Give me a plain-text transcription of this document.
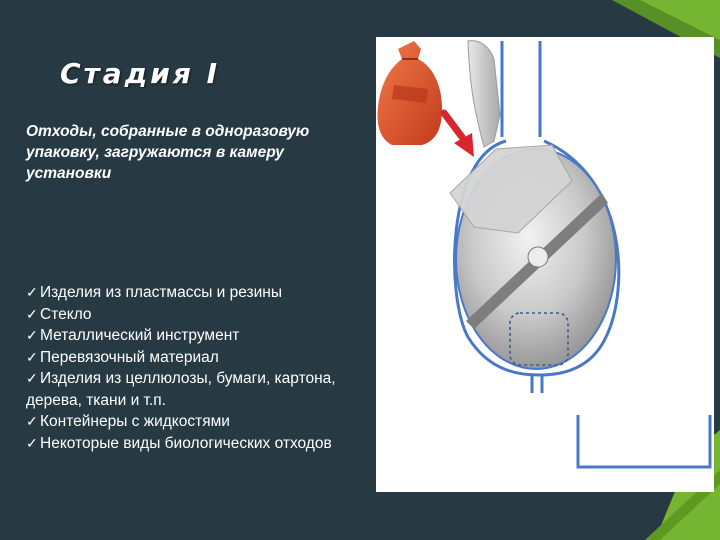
Стадия I
Отходы, собранные в одноразовую упаковку, загружаются в камеру установки
✓ Изделия из пластмассы и резины
✓ Стекло
✓ Металлический инструмент
✓ Перевязочный материал
✓ Изделия из целлюлозы, бумаги, картона, дерева, ткани и т.п.
✓ Контейнеры с жидкостями
✓ Некоторые виды биологических отходов
